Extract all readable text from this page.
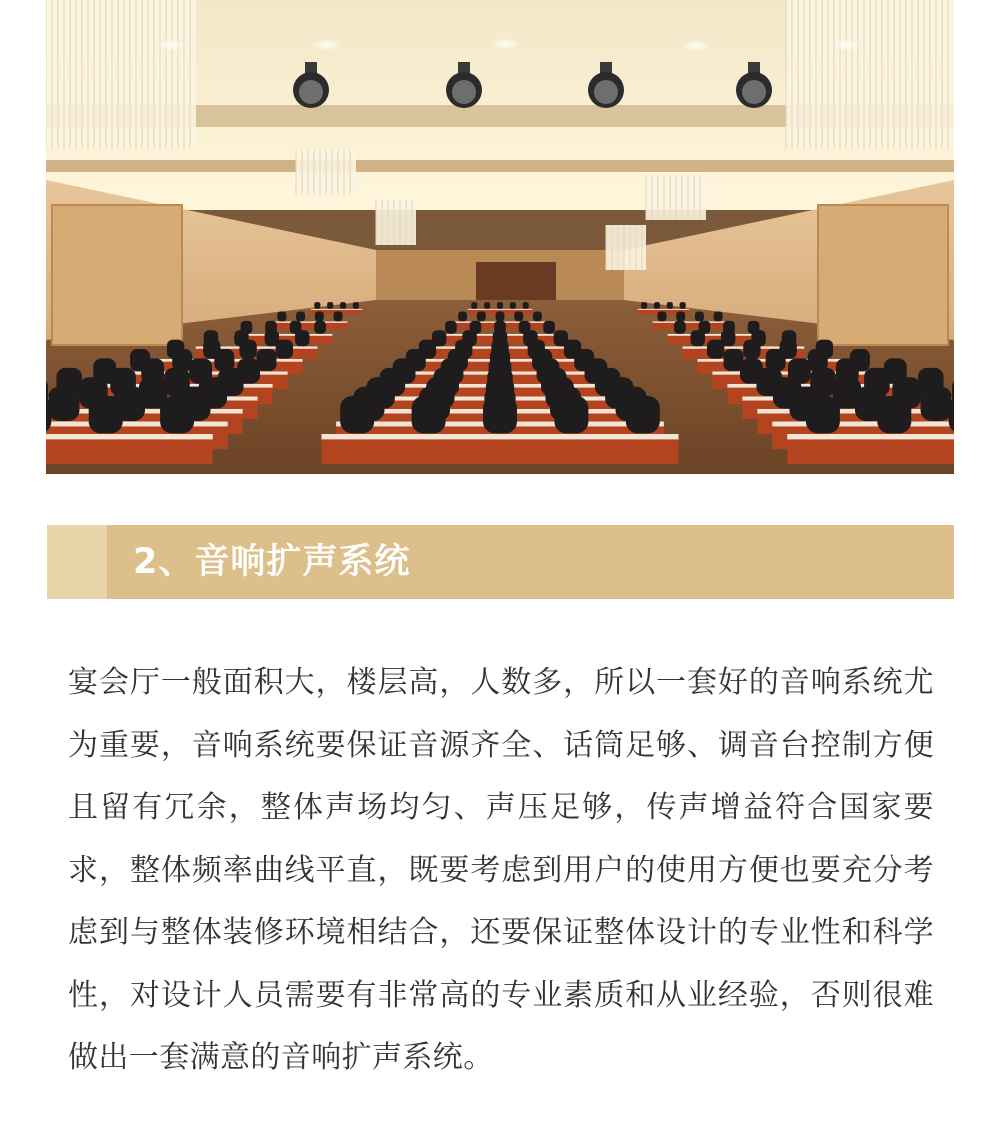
2、音响扩声系统
宴会厅一般面积大，楼层高，人数多，所以一套好的音响系统尤为重要，音响系统要保证音源齐全、话筒足够、调音台控制方便且留有冗余，整体声场均匀、声压足够，传声增益符合国家要求，整体频率曲线平直，既要考虑到用户的使用方便也要充分考虑到与整体装修环境相结合，还要保证整体设计的专业性和科学性，对设计人员需要有非常高的专业素质和从业经验，否则很难做出一套满意的音响扩声系统。
